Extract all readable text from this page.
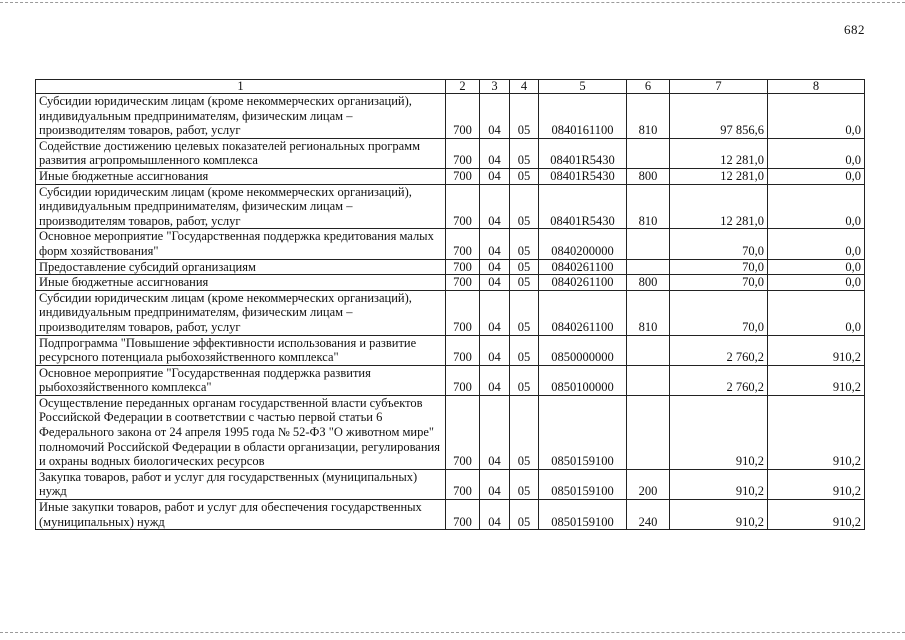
682
1	2	3	4	5	6	7	8
Субсидии юридическим лицам (кроме некоммерческих организаций), индивидуальным предпринимателям, физическим лицам – производителям товаров, работ, услуг	700	04	05	0840161100	810	97 856,6	0,0
Содействие достижению целевых показателей региональных программ развития агропромышленного комплекса	700	04	05	08401R5430		12 281,0	0,0
Иные бюджетные ассигнования	700	04	05	08401R5430	800	12 281,0	0,0
Субсидии юридическим лицам (кроме некоммерческих организаций), индивидуальным предпринимателям, физическим лицам – производителям товаров, работ, услуг	700	04	05	08401R5430	810	12 281,0	0,0
Основное мероприятие "Государственная поддержка кредитования малых форм хозяйствования"	700	04	05	0840200000		70,0	0,0
Предоставление субсидий организациям	700	04	05	0840261100		70,0	0,0
Иные бюджетные ассигнования	700	04	05	0840261100	800	70,0	0,0
Субсидии юридическим лицам (кроме некоммерческих организаций), индивидуальным предпринимателям, физическим лицам – производителям товаров, работ, услуг	700	04	05	0840261100	810	70,0	0,0
Подпрограмма "Повышение эффективности использования и развитие ресурсного потенциала рыбохозяйственного комплекса"	700	04	05	0850000000		2 760,2	910,2
Основное мероприятие "Государственная поддержка развития рыбохозяйственного комплекса"	700	04	05	0850100000		2 760,2	910,2
Осуществление переданных органам государственной власти субъектов Российской Федерации в соответствии с частью первой статьи 6 Федерального закона от 24 апреля 1995 года № 52-ФЗ "О животном мире" полномочий Российской Федерации в области организации, регулирования и охраны водных биологических ресурсов	700	04	05	0850159100		910,2	910,2
Закупка товаров, работ и услуг для государственных (муниципальных) нужд	700	04	05	0850159100	200	910,2	910,2
Иные закупки товаров, работ и услуг для обеспечения государственных (муниципальных) нужд	700	04	05	0850159100	240	910,2	910,2
